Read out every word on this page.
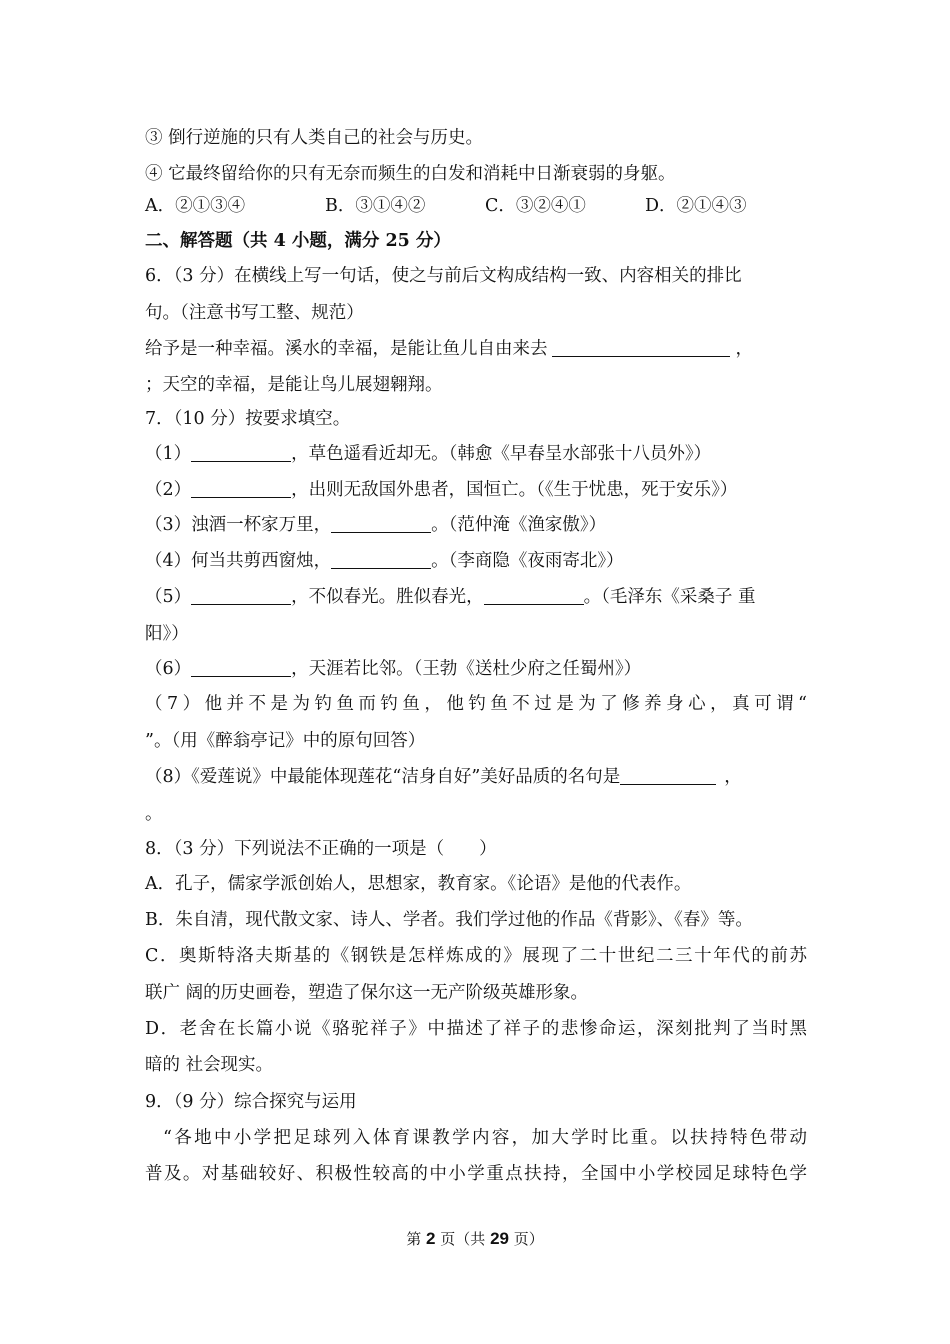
③ 倒行逆施的只有人类自己的社会与历史。
④ 它最终留给你的只有无奈而频生的白发和消耗中日渐衰弱的身躯。
A．②①③④	B．③①④②	C．③②④①	D．②①④③
二、解答题（共 4 小题，满分 25 分）
6．（3 分）在横线上写一句话，使之与前后文构成结构一致、内容相关的排比
句。（注意书写工整、规范）
给予是一种幸福。溪水的幸福，是能让鱼儿自由来去	，
；天空的幸福，是能让鸟儿展翅翱翔。
7．（10 分）按要求填空。
（1）	，草色遥看近却无。（韩愈《早春呈水部张十八员外》）
（2）	，出则无敌国外患者，国恒亡。（《生于忧患，死于安乐》）
（3）浊酒一杯家万里，	。（范仲淹《渔家傲》）
（4）何当共剪西窗烛，	。（李商隐《夜雨寄北》）
（5）	，不似春光。胜似春光，	。（毛泽东《采桑子 重
阳》）
（6）	，天涯若比邻。（王勃《送杜少府之任蜀州》）
（7）他并不是为钓鱼而钓鱼，他钓鱼不过是为了修养身心，真可谓“
”。（用《醉翁亭记》中的原句回答）
（8）《爱莲说》中最能体现莲花“洁身自好”美好品质的名句是	，
。
8．（3 分）下列说法不正确的一项是（　　）
A．孔子，儒家学派创始人，思想家，教育家。《论语》是他的代表作。
B．朱自清，现代散文家、诗人、学者。我们学过他的作品《背影》、《春》等。
C．奥斯特洛夫斯基的《钢铁是怎样炼成的》展现了二十世纪二三十年代的前苏
联广 阔的历史画卷，塑造了保尔这一无产阶级英雄形象。
D．老舍在长篇小说《骆驼祥子》中描述了祥子的悲惨命运，深刻批判了当时黑
暗的 社会现实。
9．（9 分）综合探究与运用
“各地中小学把足球列入体育课教学内容，加大学时比重。以扶持特色带动
普及。对基础较好、积极性较高的中小学重点扶持，全国中小学校园足球特色学
第 2 页（共 29 页）
